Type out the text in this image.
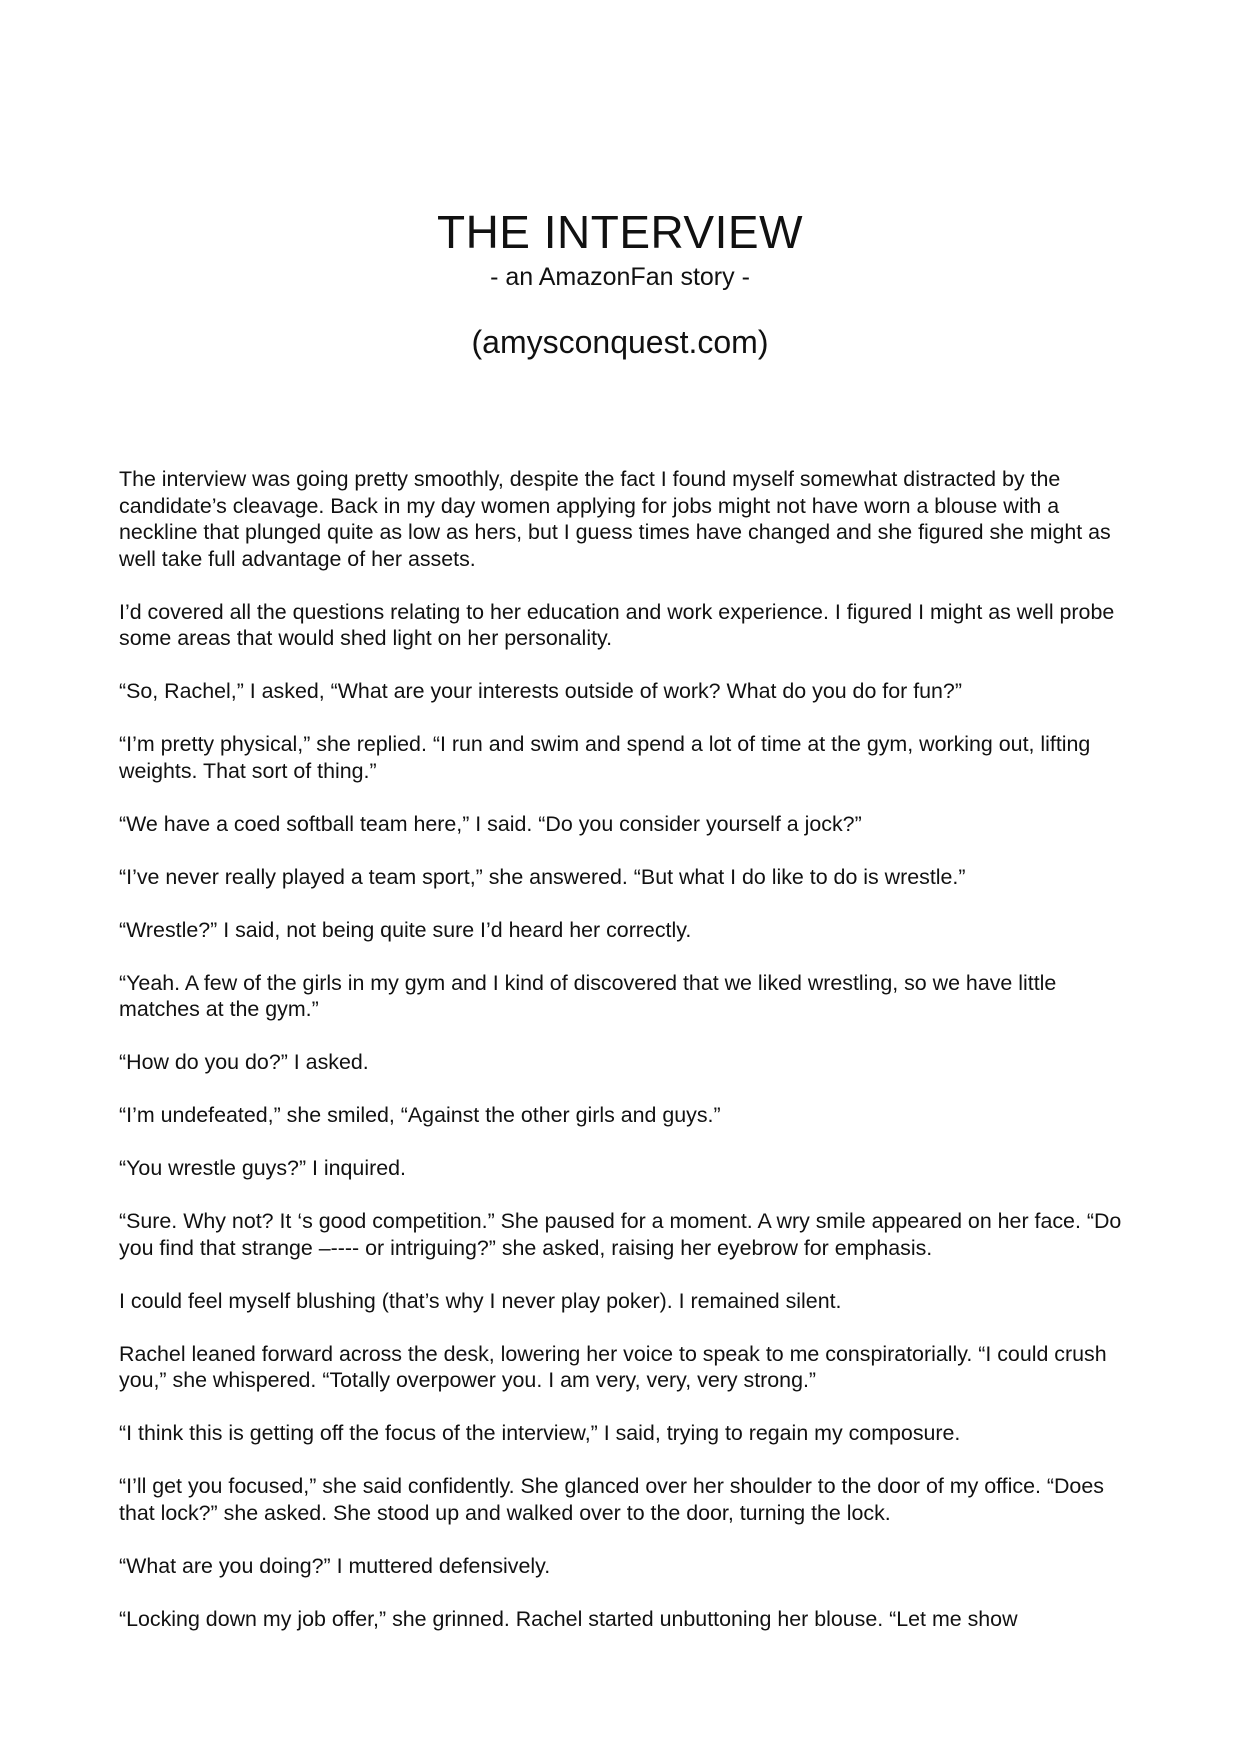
THE INTERVIEW
- an AmazonFan story -
(amysconquest.com)

The interview was going pretty smoothly, despite the fact I found myself somewhat distracted by the candidate’s cleavage. Back in my day women applying for jobs might not have worn a blouse with a neckline that plunged quite as low as hers, but I guess times have changed and she figured she might as well take full advantage of her assets.

I’d covered all the questions relating to her education and work experience. I figured I might as well probe some areas that would shed light on her personality.

“So, Rachel,” I asked, “What are your interests outside of work? What do you do for fun?”

“I’m pretty physical,” she replied. “I run and swim and spend a lot of time at the gym, working out, lifting weights. That sort of thing.”

“We have a coed softball team here,” I said. “Do you consider yourself a jock?”

“I’ve never really played a team sport,” she answered. “But what I do like to do is wrestle.”

“Wrestle?” I said, not being quite sure I’d heard her correctly.

“Yeah. A few of the girls in my gym and I kind of discovered that we liked wrestling, so we have little matches at the gym.”

“How do you do?” I asked.

“I’m undefeated,” she smiled, “Against the other girls and guys.”

“You wrestle guys?” I inquired.

“Sure. Why not? It ‘s good competition.” She paused for a moment. A wry smile appeared on her face. “Do you find that strange –---- or intriguing?” she asked, raising her eyebrow for emphasis.

I could feel myself blushing (that’s why I never play poker). I remained silent.

Rachel leaned forward across the desk, lowering her voice to speak to me conspiratorially. “I could crush you,” she whispered. “Totally overpower you. I am very, very, very strong.”

“I think this is getting off the focus of the interview,” I said, trying to regain my composure.

“I’ll get you focused,” she said confidently. She glanced over her shoulder to the door of my office. “Does that lock?” she asked. She stood up and walked over to the door, turning the lock.

“What are you doing?” I muttered defensively.

“Locking down my job offer,” she grinned. Rachel started unbuttoning her blouse. “Let me show
